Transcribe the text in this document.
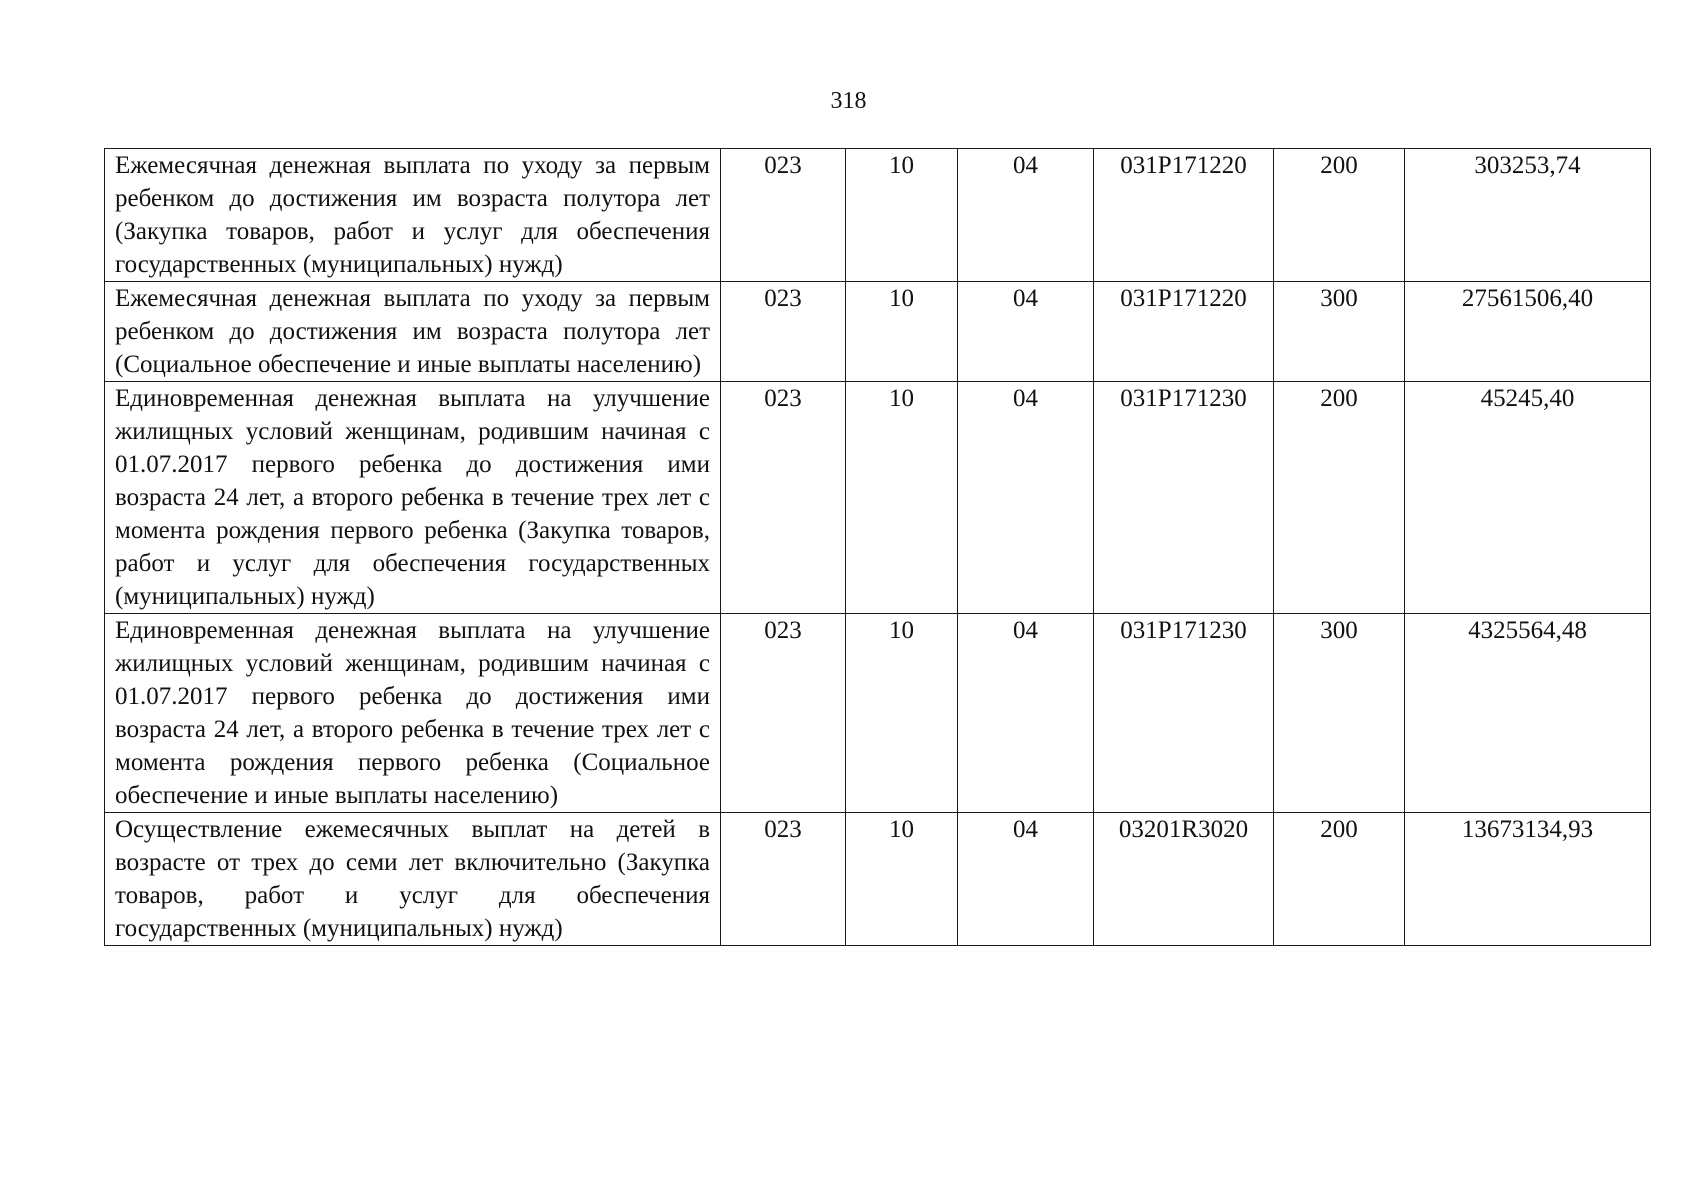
318
Ежемесячная денежная выплата по уходу за первым ребенком до достижения им возраста полутора лет (Закупка товаров, работ и услуг для обеспечения государственных (муниципальных) нужд)	023	10	04	031P171220	200	303253,74
Ежемесячная денежная выплата по уходу за первым ребенком до достижения им возраста полутора лет (Социальное обеспечение и иные выплаты населению)	023	10	04	031P171220	300	27561506,40
Единовременная денежная выплата на улучшение жилищных условий женщинам, родившим начиная с 01.07.2017 первого ребенка до достижения ими возраста 24 лет, а второго ребенка в течение трех лет с момента рождения первого ребенка (Закупка товаров, работ и услуг для обеспечения государственных (муниципальных) нужд)	023	10	04	031P171230	200	45245,40
Единовременная денежная выплата на улучшение жилищных условий женщинам, родившим начиная с 01.07.2017 первого ребенка до достижения ими возраста 24 лет, а второго ребенка в течение трех лет с момента рождения первого ребенка (Социальное обеспечение и иные выплаты населению)	023	10	04	031P171230	300	4325564,48
Осуществление ежемесячных выплат на детей в возрасте от трех до семи лет включительно (Закупка товаров, работ и услуг для обеспечения государственных (муниципальных) нужд)	023	10	04	03201R3020	200	13673134,93
